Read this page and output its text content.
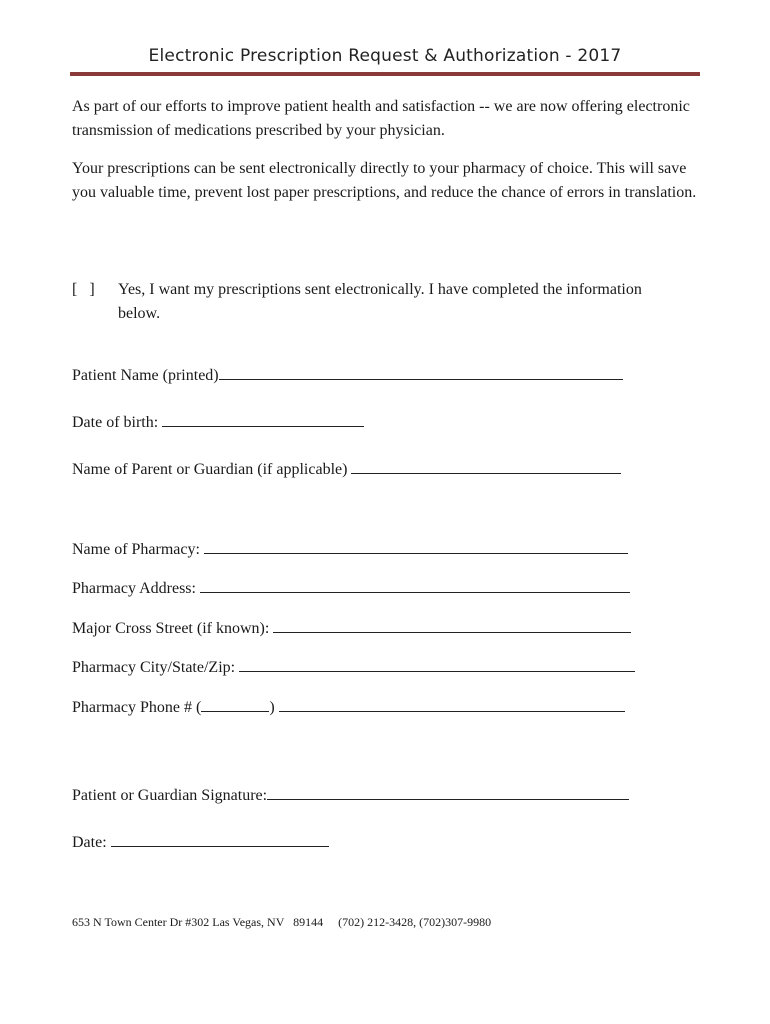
Electronic Prescription Request & Authorization - 2017

As part of our efforts to improve patient health and satisfaction -- we are now offering electronic transmission of medications prescribed by your physician.

Your prescriptions can be sent electronically directly to your pharmacy of choice. This will save you valuable time, prevent lost paper prescriptions, and reduce the chance of errors in translation.

[   ] Yes, I want my prescriptions sent electronically. I have completed the information below.
Patient Name (printed)
Date of birth:
Name of Parent or Guardian (if applicable)
Name of Pharmacy:
Pharmacy Address:
Major Cross Street (if known):
Pharmacy City/State/Zip:
Pharmacy Phone # (	)
Patient or Guardian Signature:
Date:
653 N Town Center Dr #302 Las Vegas, NV   89144     (702) 212-3428, (702)307-9980
